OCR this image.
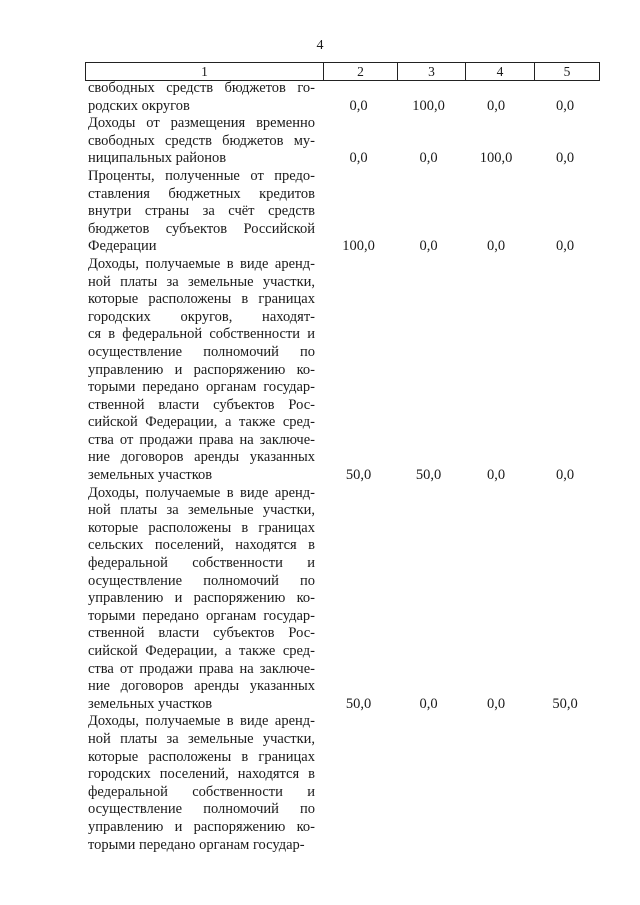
4
1	2	3	4	5
свободных средств бюджетов го-
родских округов	0,0	100,0	0,0	0,0
Доходы от размещения временно
свободных средств бюджетов му-
ниципальных районов	0,0	0,0	100,0	0,0
Проценты, полученные от предо-
ставления бюджетных кредитов
внутри страны за счёт средств
бюджетов субъектов Российской
Федерации	100,0	0,0	0,0	0,0
Доходы, получаемые в виде аренд-
ной платы за земельные участки,
которые расположены в границах
городских округов, находят-
ся в федеральной собственности и
осуществление полномочий по
управлению и распоряжению ко-
торыми передано органам государ-
ственной власти субъектов Рос-
сийской Федерации, а также сред-
ства от продажи права на заключе-
ние договоров аренды указанных
земельных участков	50,0	50,0	0,0	0,0
Доходы, получаемые в виде аренд-
ной платы за земельные участки,
которые расположены в границах
сельских поселений, находятся в
федеральной собственности и
осуществление полномочий по
управлению и распоряжению ко-
торыми передано органам государ-
ственной власти субъектов Рос-
сийской Федерации, а также сред-
ства от продажи права на заключе-
ние договоров аренды указанных
земельных участков	50,0	0,0	0,0	50,0
Доходы, получаемые в виде аренд-
ной платы за земельные участки,
которые расположены в границах
городских поселений, находятся в
федеральной собственности и
осуществление полномочий по
управлению и распоряжению ко-
торыми передано органам государ-
